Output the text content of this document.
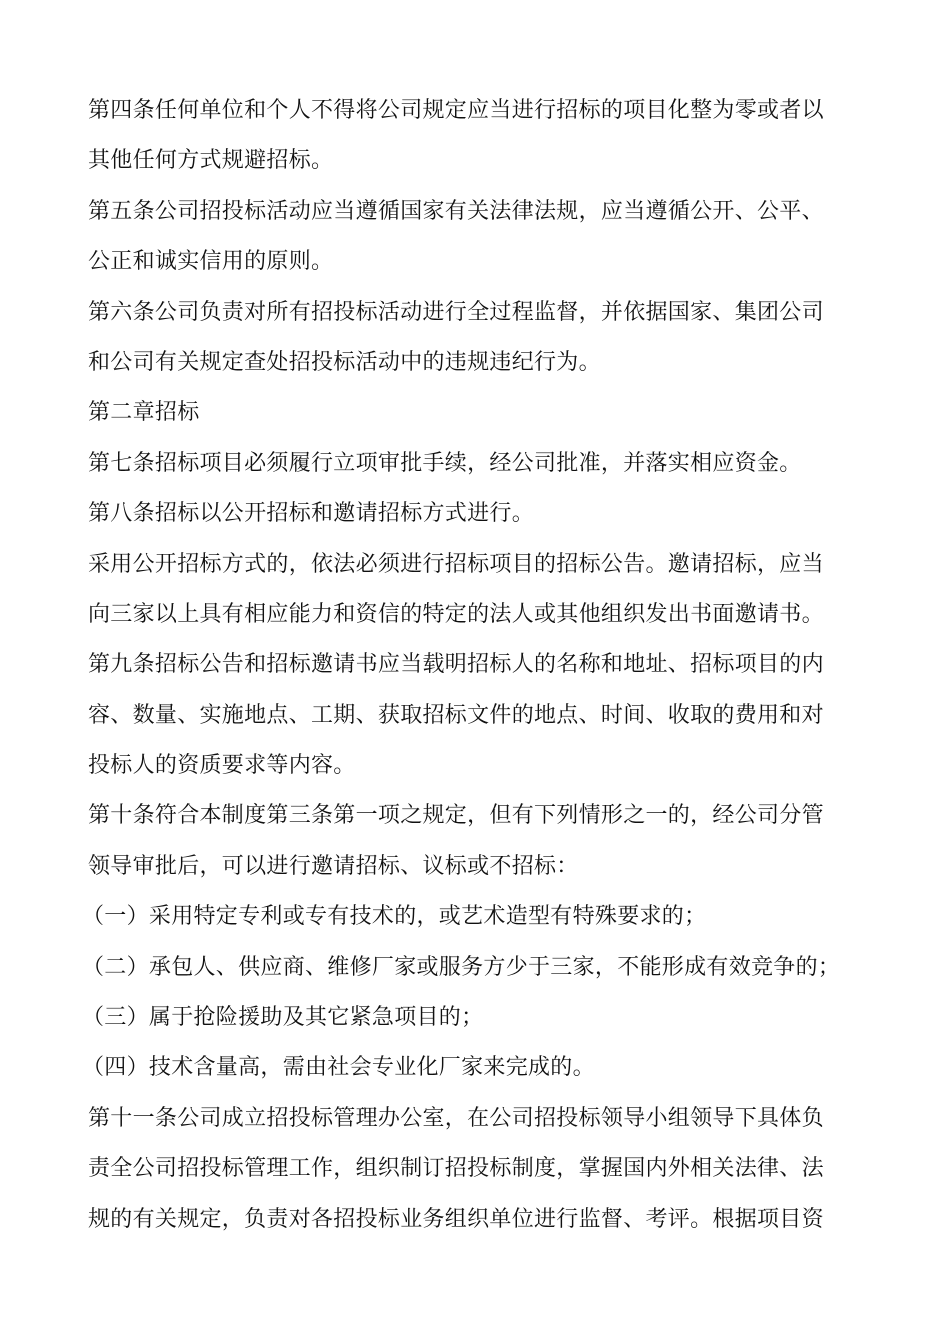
第四条任何单位和个人不得将公司规定应当进行招标的项目化整为零或者以
其他任何方式规避招标。
第五条公司招投标活动应当遵循国家有关法律法规，应当遵循公开、公平、
公正和诚实信用的原则。
第六条公司负责对所有招投标活动进行全过程监督，并依据国家、集团公司
和公司有关规定查处招投标活动中的违规违纪行为。
第二章招标
第七条招标项目必须履行立项审批手续，经公司批准，并落实相应资金。
第八条招标以公开招标和邀请招标方式进行。
采用公开招标方式的，依法必须进行招标项目的招标公告。邀请招标，应当
向三家以上具有相应能力和资信的特定的法人或其他组织发出书面邀请书。
第九条招标公告和招标邀请书应当载明招标人的名称和地址、招标项目的内
容、数量、实施地点、工期、获取招标文件的地点、时间、收取的费用和对
投标人的资质要求等内容。
第十条符合本制度第三条第一项之规定，但有下列情形之一的，经公司分管
领导审批后，可以进行邀请招标、议标或不招标：
（一）采用特定专利或专有技术的，或艺术造型有特殊要求的；
（二）承包人、供应商、维修厂家或服务方少于三家，不能形成有效竞争的；
（三）属于抢险援助及其它紧急项目的；
（四）技术含量高，需由社会专业化厂家来完成的。
第十一条公司成立招投标管理办公室，在公司招投标领导小组领导下具体负
责全公司招投标管理工作，组织制订招投标制度，掌握国内外相关法律、法
规的有关规定，负责对各招投标业务组织单位进行监督、考评。根据项目资
